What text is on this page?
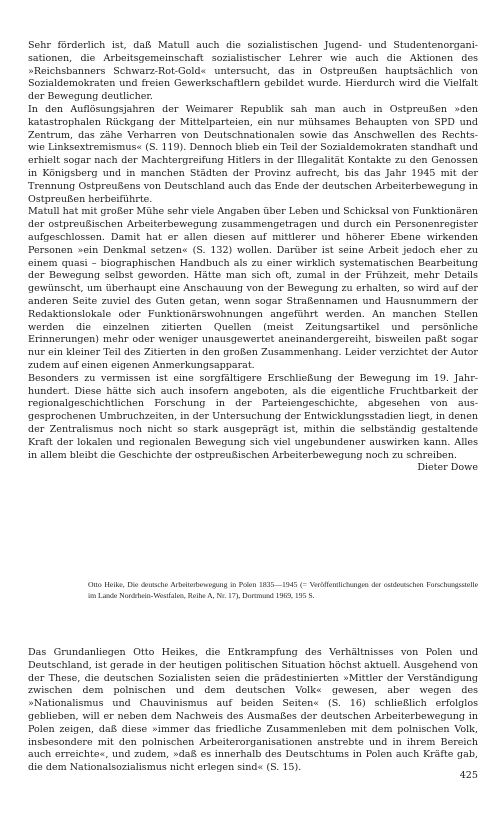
Sehr förderlich ist, daß Matull auch die sozialistischen Jugend- und Studentenorganisationen, die Arbeitsgemeinschaft sozialistischer Lehrer wie auch die Aktionen des »Reichsbanners Schwarz-Rot-Gold« untersucht, das in Ostpreußen hauptsächlich von Sozialdemokraten und freien Gewerkschaftlern gebildet wurde. Hierdurch wird die Vielfalt der Bewegung deutlicher.

In den Auflösungsjahren der Weimarer Republik sah man auch in Ostpreußen »den katastrophalen Rückgang der Mittelparteien, ein nur mühsames Behaupten von SPD und Zentrum, das zähe Verharren von Deutschnationalen sowie das Anschwellen des Rechts- wie Linksextremismus« (S. 119). Dennoch blieb ein Teil der Sozialdemokraten standhaft und erhielt sogar nach der Machtergreifung Hitlers in der Illegalität Kontakte zu den Genossen in Königsberg und in manchen Städten der Provinz aufrecht, bis das Jahr 1945 mit der Trennung Ostpreußens von Deutschland auch das Ende der deutschen Arbeiterbewegung in Ostpreußen herbeiführte.

Matull hat mit großer Mühe sehr viele Angaben über Leben und Schicksal von Funktionären der ostpreußischen Arbeiterbewegung zusammengetragen und durch ein Personenregister aufgeschlossen. Damit hat er allen diesen auf mittlerer und höherer Ebene wirkenden Personen »ein Denkmal setzen« (S. 132) wollen. Darüber ist seine Arbeit jedoch eher zu einem quasi – biographischen Handbuch als zu einer wirklich systematischen Bearbeitung der Bewegung selbst geworden. Hätte man sich oft, zumal in der Frühzeit, mehr Details gewünscht, um überhaupt eine Anschauung von der Bewegung zu erhalten, so wird auf der anderen Seite zuviel des Guten getan, wenn sogar Straßennamen und Hausnummern der Redaktionslokale oder Funktionärswohnungen angeführt werden. An manchen Stellen werden die einzelnen zitierten Quellen (meist Zeitungsartikel und persönliche Erinnerungen) mehr oder weniger unausgewertet aneinandergereiht, bisweilen paßt sogar nur ein kleiner Teil des Zitierten in den großen Zusammenhang. Leider verzichtet der Autor zudem auf einen eigenen Anmerkungsapparat.

Besonders zu vermissen ist eine sorgfältigere Erschließung der Bewegung im 19. Jahrhundert. Diese hätte sich auch insofern angeboten, als die eigentliche Fruchtbarkeit der regionalgeschichtlichen Forschung in der Parteiengeschichte, abgesehen von ausgesprochenen Umbruchzeiten, in der Untersuchung der Entwicklungsstadien liegt, in denen der Zentralismus noch nicht so stark ausgeprägt ist, mithin die selbständig gestaltende Kraft der lokalen und regionalen Bewegung sich viel ungebundener auswirken kann. Alles in allem bleibt die Geschichte der ostpreußischen Arbeiterbewegung noch zu schreiben.

Dieter Dowe

Otto Heike, Die deutsche Arbeiterbewegung in Polen 1835—1945 (= Veröffentlichungen der ostdeutschen Forschungsstelle im Lande Nordrhein-Westfalen, Reihe A, Nr. 17), Dortmund 1969, 195 S.

Das Grundanliegen Otto Heikes, die Entkrampfung des Verhältnisses von Polen und Deutschland, ist gerade in der heutigen politischen Situation höchst aktuell. Ausgehend von der These, die deutschen Sozialisten seien die prädestinierten »Mittler der Verständigung zwischen dem polnischen und dem deutschen Volk« gewesen, aber wegen des »Nationalismus und Chauvinismus auf beiden Seiten« (S. 16) schließlich erfolglos geblieben, will er neben dem Nachweis des Ausmaßes der deutschen Arbeiterbewegung in Polen zeigen, daß diese »immer das friedliche Zusammenleben mit dem polnischen Volk, insbesondere mit den polnischen Arbeiterorganisationen anstrebte und in ihrem Bereich auch erreichte«, und zudem, »daß es innerhalb des Deutschtums in Polen auch Kräfte gab, die dem Nationalsozialismus nicht erlegen sind« (S. 15).

425
